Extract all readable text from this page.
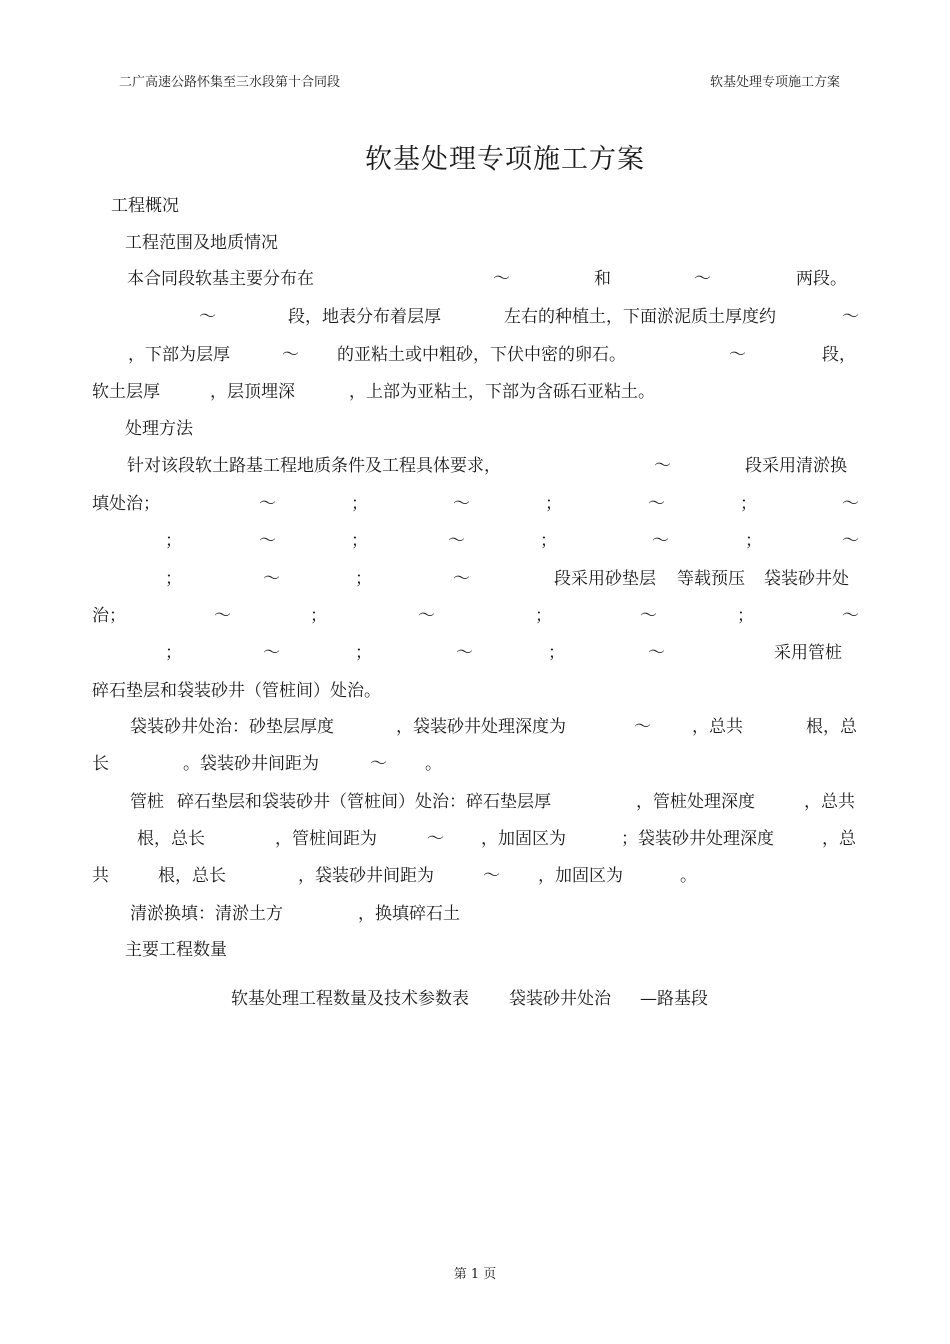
二广高速公路怀集至三水段第十合同段	软基处理专项施工方案
软基处理专项施工方案
工程概况
工程范围及地质情况
本合同段软基主要分布在	～	和	～	两段。
～	段，地表分布着层厚	左右的种植土，下面淤泥质土厚度约	～
，下部为层厚	～ 的亚粘土或中粗砂，下伏中密的卵石。	～	段，
软土层厚	，层顶埋深	，上部为亚粘土，下部为含砾石亚粘土。
处理方法
针对该段软土路基工程地质条件及工程具体要求，	～	段采用清淤换
填处治；	～	；	～	；	～	；	～
；	～	；	～	；	～	；	～
；	～	；	～	段采用砂垫层 等载预压 袋装砂井处
治；	～	；	～	；	～	；	～
；	～	；	～	；	～	采用管桩
碎石垫层和袋装砂井（管桩间）处治。
袋装砂井处治：砂垫层厚度	，袋装砂井处理深度为	～ ，总共	根，总
长	。袋装砂井间距为	～ 。
管桩 碎石垫层和袋装砂井（管桩间）处治：碎石垫层厚	，管桩处理深度	，总共
根，总长	，管桩间距为	～ ，加固区为	；袋装砂井处理深度	，总
共	根，总长	，袋装砂井间距为	～ ，加固区为	。
清淤换填：清淤土方	，换填碎石土
主要工程数量
软基处理工程数量及技术参数表 袋装砂井处治 —路基段
第 1 页
